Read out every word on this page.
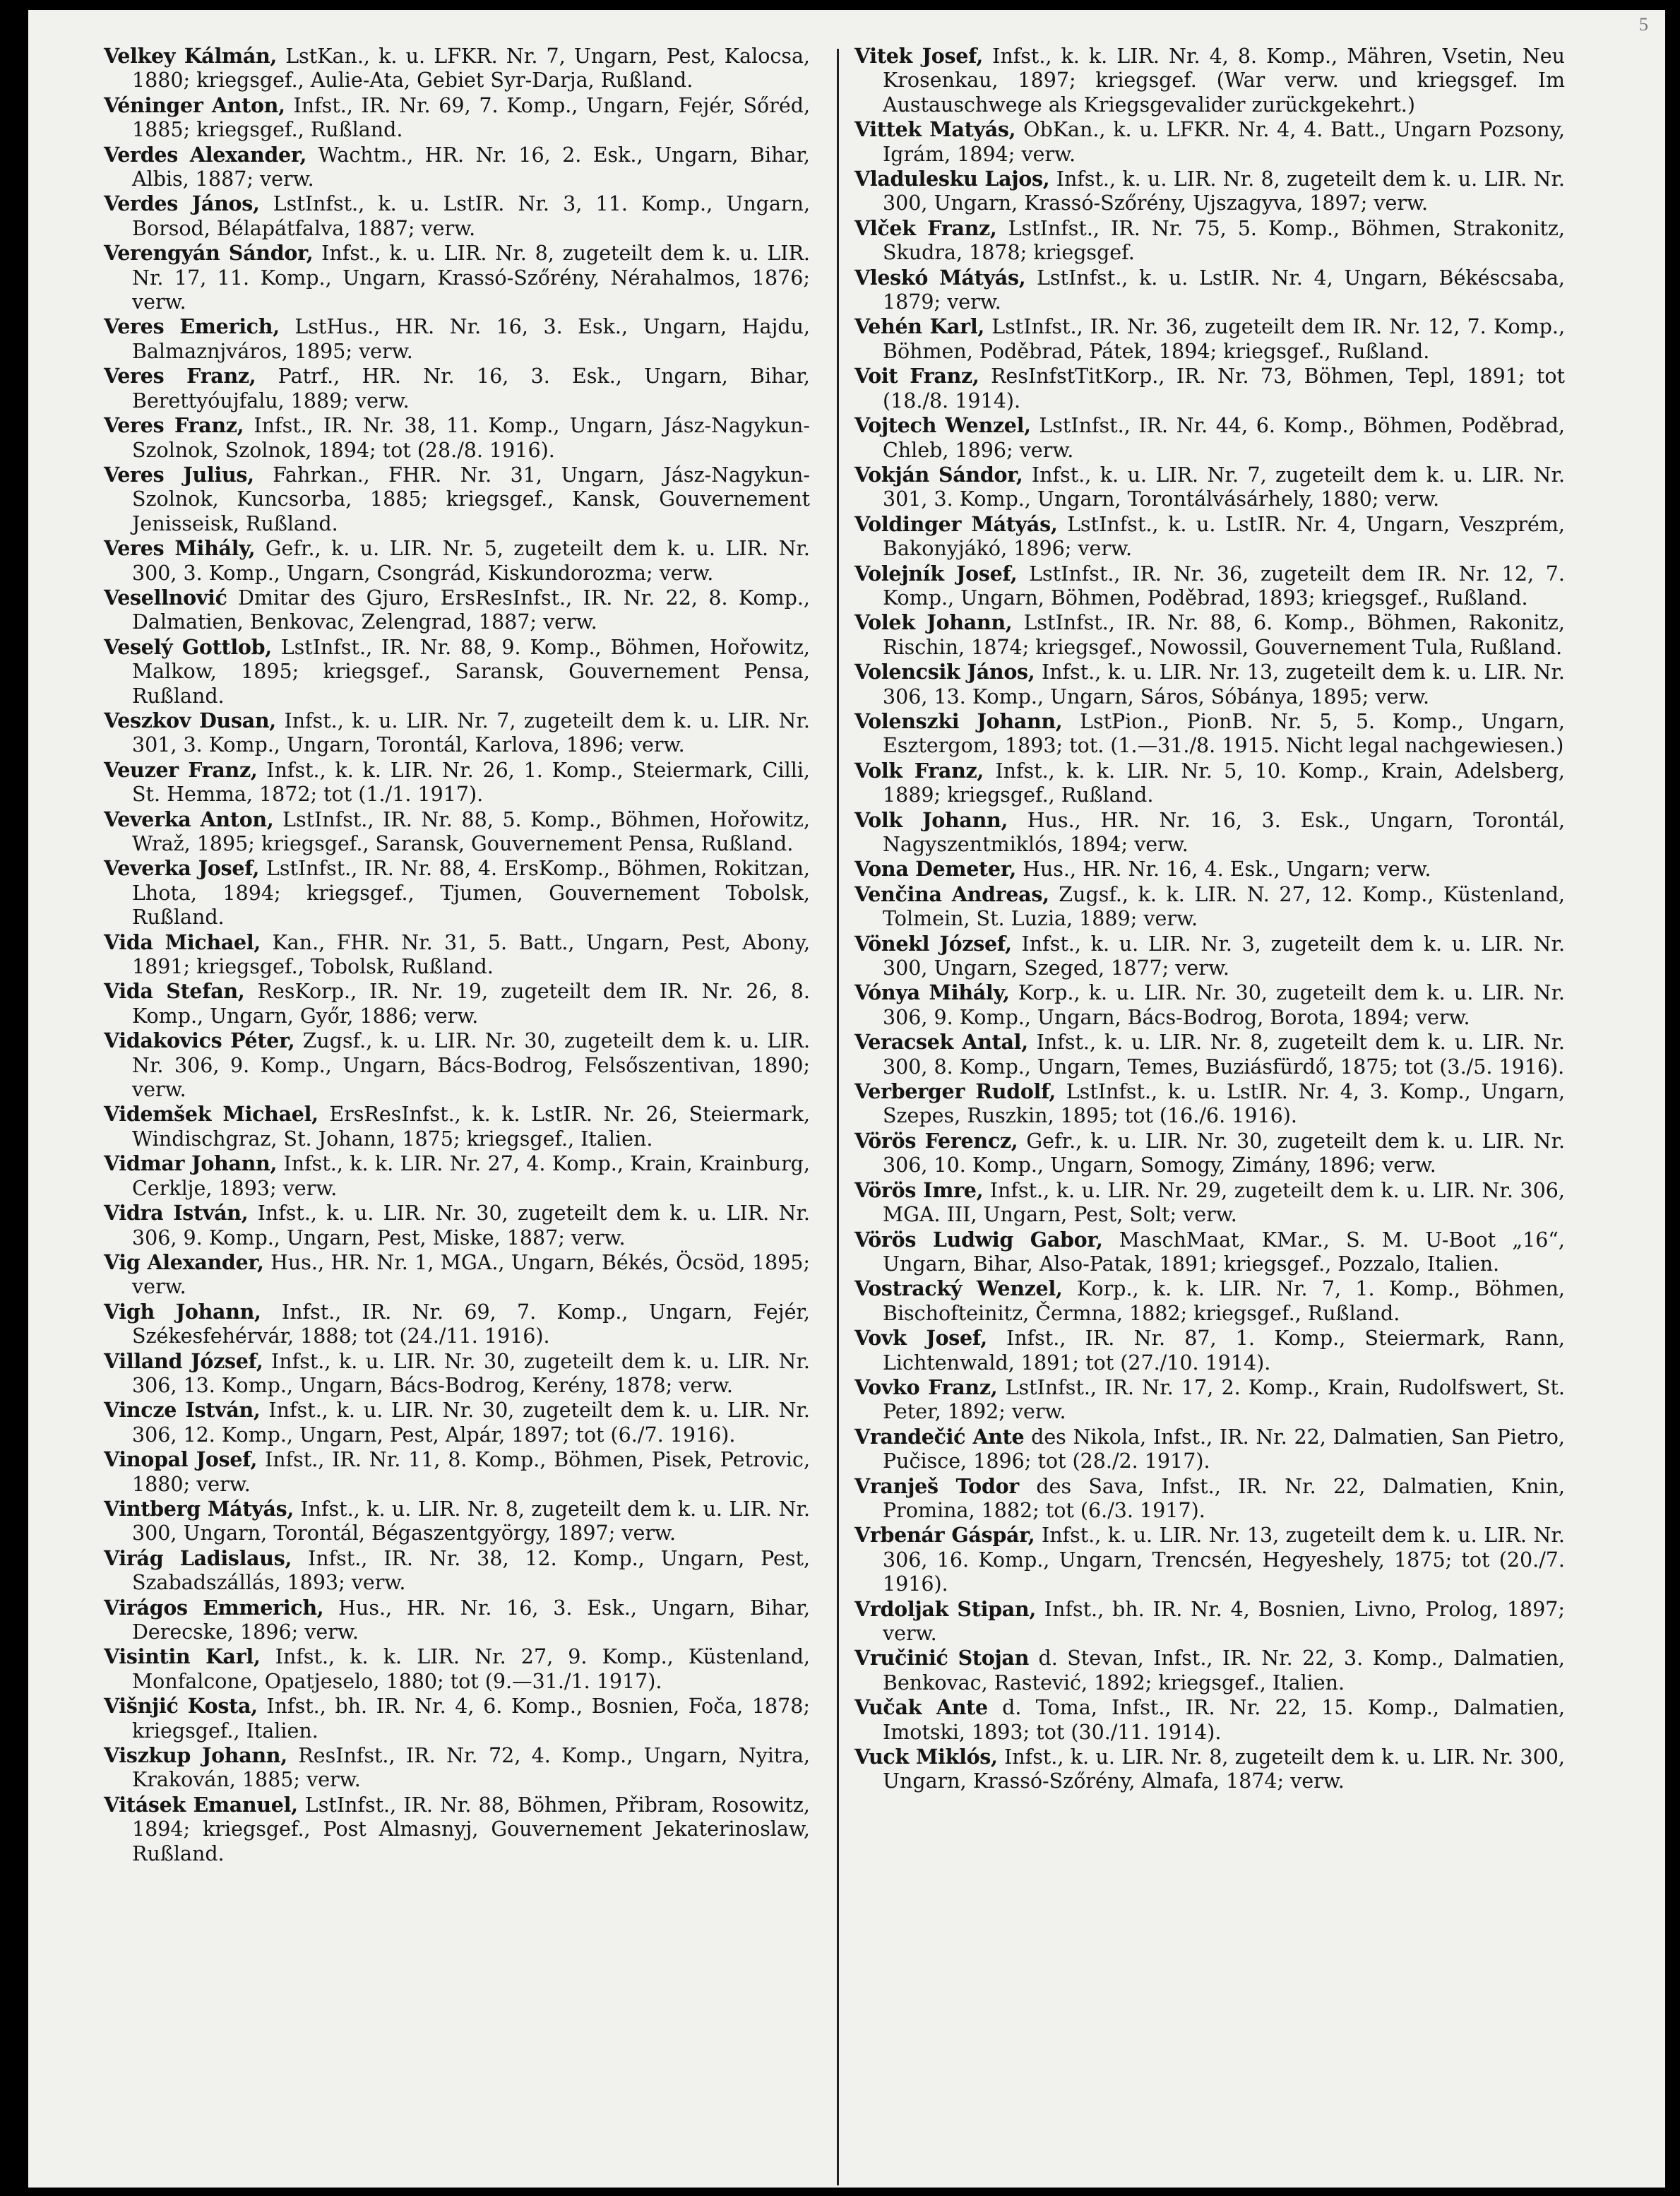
5

Velkey Kálmán, LstKan., k. u. LFKR. Nr. 7, Ungarn, Pest, Kalocsa, 1880; kriegsgef., Aulie-Ata, Gebiet Syr-Darja, Rußland.

Véninger Anton, Infst., IR. Nr. 69, 7. Komp., Ungarn, Fejér, Sőréd, 1885; kriegsgef., Rußland.

Verdes Alexander, Wachtm., HR. Nr. 16, 2. Esk., Ungarn, Bihar, Albis, 1887; verw.

Verdes János, LstInfst., k. u. LstIR. Nr. 3, 11. Komp., Ungarn, Borsod, Bélapátfalva, 1887; verw.

Verengyán Sándor, Infst., k. u. LIR. Nr. 8, zugeteilt dem k. u. LIR. Nr. 17, 11. Komp., Ungarn, Krassó-Szőrény, Nérahalmos, 1876; verw.

Veres Emerich, LstHus., HR. Nr. 16, 3. Esk., Ungarn, Hajdu, Balmaznjváros, 1895; verw.

Veres Franz, Patrf., HR. Nr. 16, 3. Esk., Ungarn, Bihar, Berettyóujfalu, 1889; verw.

Veres Franz, Infst., IR. Nr. 38, 11. Komp., Ungarn, Jász-Nagykun-Szolnok, Szolnok, 1894; tot (28./8. 1916).

Veres Julius, Fahrkan., FHR. Nr. 31, Ungarn, Jász-Nagykun-Szolnok, Kuncsorba, 1885; kriegsgef., Kansk, Gouvernement Jenisseisk, Rußland.

Veres Mihály, Gefr., k. u. LIR. Nr. 5, zugeteilt dem k. u. LIR. Nr. 300, 3. Komp., Ungarn, Csongrád, Kiskundorozma; verw.

Vesellnović Dmitar des Gjuro, ErsResInfst., IR. Nr. 22, 8. Komp., Dalmatien, Benkovac, Zelengrad, 1887; verw.

Veselý Gottlob, LstInfst., IR. Nr. 88, 9. Komp., Böhmen, Hořowitz, Malkow, 1895; kriegsgef., Saransk, Gouvernement Pensa, Rußland.

Veszkov Dusan, Infst., k. u. LIR. Nr. 7, zugeteilt dem k. u. LIR. Nr. 301, 3. Komp., Ungarn, Torontál, Karlova, 1896; verw.

Veuzer Franz, Infst., k. k. LIR. Nr. 26, 1. Komp., Steiermark, Cilli, St. Hemma, 1872; tot (1./1. 1917).

Veverka Anton, LstInfst., IR. Nr. 88, 5. Komp., Böhmen, Hořowitz, Wraž, 1895; kriegsgef., Saransk, Gouvernement Pensa, Rußland.

Veverka Josef, LstInfst., IR. Nr. 88, 4. ErsKomp., Böhmen, Rokitzan, Lhota, 1894; kriegsgef., Tjumen, Gouvernement Tobolsk, Rußland.

Vida Michael, Kan., FHR. Nr. 31, 5. Batt., Ungarn, Pest, Abony, 1891; kriegsgef., Tobolsk, Rußland.

Vida Stefan, ResKorp., IR. Nr. 19, zugeteilt dem IR. Nr. 26, 8. Komp., Ungarn, Győr, 1886; verw.

Vidakovics Péter, Zugsf., k. u. LIR. Nr. 30, zugeteilt dem k. u. LIR. Nr. 306, 9. Komp., Ungarn, Bács-Bodrog, Felsőszentivan, 1890; verw.

Videmšek Michael, ErsResInfst., k. k. LstIR. Nr. 26, Steiermark, Windischgraz, St. Johann, 1875; kriegsgef., Italien.

Vidmar Johann, Infst., k. k. LIR. Nr. 27, 4. Komp., Krain, Krainburg, Cerklje, 1893; verw.

Vidra István, Infst., k. u. LIR. Nr. 30, zugeteilt dem k. u. LIR. Nr. 306, 9. Komp., Ungarn, Pest, Miske, 1887; verw.

Vig Alexander, Hus., HR. Nr. 1, MGA., Ungarn, Békés, Öcsöd, 1895; verw.

Vigh Johann, Infst., IR. Nr. 69, 7. Komp., Ungarn, Fejér, Székesfehérvár, 1888; tot (24./11. 1916).

Villand József, Infst., k. u. LIR. Nr. 30, zugeteilt dem k. u. LIR. Nr. 306, 13. Komp., Ungarn, Bács-Bodrog, Kerény, 1878; verw.

Vincze István, Infst., k. u. LIR. Nr. 30, zugeteilt dem k. u. LIR. Nr. 306, 12. Komp., Ungarn, Pest, Alpár, 1897; tot (6./7. 1916).

Vinopal Josef, Infst., IR. Nr. 11, 8. Komp., Böhmen, Pisek, Petrovic, 1880; verw.

Vintberg Mátyás, Infst., k. u. LIR. Nr. 8, zugeteilt dem k. u. LIR. Nr. 300, Ungarn, Torontál, Bégaszentgyörgy, 1897; verw.

Virág Ladislaus, Infst., IR. Nr. 38, 12. Komp., Ungarn, Pest, Szabadszállás, 1893; verw.

Virágos Emmerich, Hus., HR. Nr. 16, 3. Esk., Ungarn, Bihar, Derecske, 1896; verw.

Visintin Karl, Infst., k. k. LIR. Nr. 27, 9. Komp., Küstenland, Monfalcone, Opatjeselo, 1880; tot (9.—31./1. 1917).

Višnjić Kosta, Infst., bh. IR. Nr. 4, 6. Komp., Bosnien, Foča, 1878; kriegsgef., Italien.

Viszkup Johann, ResInfst., IR. Nr. 72, 4. Komp., Ungarn, Nyitra, Krakován, 1885; verw.

Vitásek Emanuel, LstInfst., IR. Nr. 88, Böhmen, Přibram, Rosowitz, 1894; kriegsgef., Post Almasnyj, Gouvernement Jekaterinoslaw, Rußland.

Vitek Josef, Infst., k. k. LIR. Nr. 4, 8. Komp., Mähren, Vsetin, Neu Krosenkau, 1897; kriegsgef. (War verw. und kriegsgef. Im Austauschwege als Kriegsgevalider zurückgekehrt.)

Vittek Matyás, ObKan., k. u. LFKR. Nr. 4, 4. Batt., Ungarn Pozsony, Igrám, 1894; verw.

Vladulesku Lajos, Infst., k. u. LIR. Nr. 8, zugeteilt dem k. u. LIR. Nr. 300, Ungarn, Krassó-Szőrény, Ujszagyva, 1897; verw.

Vlček Franz, LstInfst., IR. Nr. 75, 5. Komp., Böhmen, Strakonitz, Skudra, 1878; kriegsgef.

Vleskó Mátyás, LstInfst., k. u. LstIR. Nr. 4, Ungarn, Békéscsaba, 1879; verw.

Vehén Karl, LstInfst., IR. Nr. 36, zugeteilt dem IR. Nr. 12, 7. Komp., Böhmen, Poděbrad, Pátek, 1894; kriegsgef., Rußland.

Voit Franz, ResInfstTitKorp., IR. Nr. 73, Böhmen, Tepl, 1891; tot (18./8. 1914).

Vojtech Wenzel, LstInfst., IR. Nr. 44, 6. Komp., Böhmen, Poděbrad, Chleb, 1896; verw.

Vokján Sándor, Infst., k. u. LIR. Nr. 7, zugeteilt dem k. u. LIR. Nr. 301, 3. Komp., Ungarn, Torontálvásárhely, 1880; verw.

Voldinger Mátyás, LstInfst., k. u. LstIR. Nr. 4, Ungarn, Veszprém, Bakonyjákó, 1896; verw.

Volejník Josef, LstInfst., IR. Nr. 36, zugeteilt dem IR. Nr. 12, 7. Komp., Ungarn, Böhmen, Poděbrad, 1893; kriegsgef., Rußland.

Volek Johann, LstInfst., IR. Nr. 88, 6. Komp., Böhmen, Rakonitz, Rischin, 1874; kriegsgef., Nowossil, Gouvernement Tula, Rußland.

Volencsik János, Infst., k. u. LIR. Nr. 13, zugeteilt dem k. u. LIR. Nr. 306, 13. Komp., Ungarn, Sáros, Sóbánya, 1895; verw.

Volenszki Johann, LstPion., PionB. Nr. 5, 5. Komp., Ungarn, Esztergom, 1893; tot. (1.—31./8. 1915. Nicht legal nachgewiesen.)

Volk Franz, Infst., k. k. LIR. Nr. 5, 10. Komp., Krain, Adelsberg, 1889; kriegsgef., Rußland.

Volk Johann, Hus., HR. Nr. 16, 3. Esk., Ungarn, Torontál, Nagyszentmiklós, 1894; verw.

Vona Demeter, Hus., HR. Nr. 16, 4. Esk., Ungarn; verw.

Venčina Andreas, Zugsf., k. k. LIR. N. 27, 12. Komp., Küstenland, Tolmein, St. Luzia, 1889; verw.

Vönekl József, Infst., k. u. LIR. Nr. 3, zugeteilt dem k. u. LIR. Nr. 300, Ungarn, Szeged, 1877; verw.

Vónya Mihály, Korp., k. u. LIR. Nr. 30, zugeteilt dem k. u. LIR. Nr. 306, 9. Komp., Ungarn, Bács-Bodrog, Borota, 1894; verw.

Veracsek Antal, Infst., k. u. LIR. Nr. 8, zugeteilt dem k. u. LIR. Nr. 300, 8. Komp., Ungarn, Temes, Buziásfürdő, 1875; tot (3./5. 1916).

Verberger Rudolf, LstInfst., k. u. LstIR. Nr. 4, 3. Komp., Ungarn, Szepes, Ruszkin, 1895; tot (16./6. 1916).

Vörös Ferencz, Gefr., k. u. LIR. Nr. 30, zugeteilt dem k. u. LIR. Nr. 306, 10. Komp., Ungarn, Somogy, Zimány, 1896; verw.

Vörös Imre, Infst., k. u. LIR. Nr. 29, zugeteilt dem k. u. LIR. Nr. 306, MGA. III, Ungarn, Pest, Solt; verw.

Vörös Ludwig Gabor, MaschMaat, KMar., S. M. U-Boot „16“, Ungarn, Bihar, Also-Patak, 1891; kriegsgef., Pozzalo, Italien.

Vostracký Wenzel, Korp., k. k. LIR. Nr. 7, 1. Komp., Böhmen, Bischofteinitz, Čermna, 1882; kriegsgef., Rußland.

Vovk Josef, Infst., IR. Nr. 87, 1. Komp., Steiermark, Rann, Lichtenwald, 1891; tot (27./10. 1914).

Vovko Franz, LstInfst., IR. Nr. 17, 2. Komp., Krain, Rudolfswert, St. Peter, 1892; verw.

Vrandečić Ante des Nikola, Infst., IR. Nr. 22, Dalmatien, San Pietro, Pučisce, 1896; tot (28./2. 1917).

Vranješ Todor des Sava, Infst., IR. Nr. 22, Dalmatien, Knin, Promina, 1882; tot (6./3. 1917).

Vrbenár Gáspár, Infst., k. u. LIR. Nr. 13, zugeteilt dem k. u. LIR. Nr. 306, 16. Komp., Ungarn, Trencsén, Hegyeshely, 1875; tot (20./7. 1916).

Vrdoljak Stipan, Infst., bh. IR. Nr. 4, Bosnien, Livno, Prolog, 1897; verw.

Vručinić Stojan d. Stevan, Infst., IR. Nr. 22, 3. Komp., Dalmatien, Benkovac, Rastević, 1892; kriegsgef., Italien.

Vučak Ante d. Toma, Infst., IR. Nr. 22, 15. Komp., Dalmatien, Imotski, 1893; tot (30./11. 1914).

Vuck Miklós, Infst., k. u. LIR. Nr. 8, zugeteilt dem k. u. LIR. Nr. 300, Ungarn, Krassó-Szőrény, Almafa, 1874; verw.
